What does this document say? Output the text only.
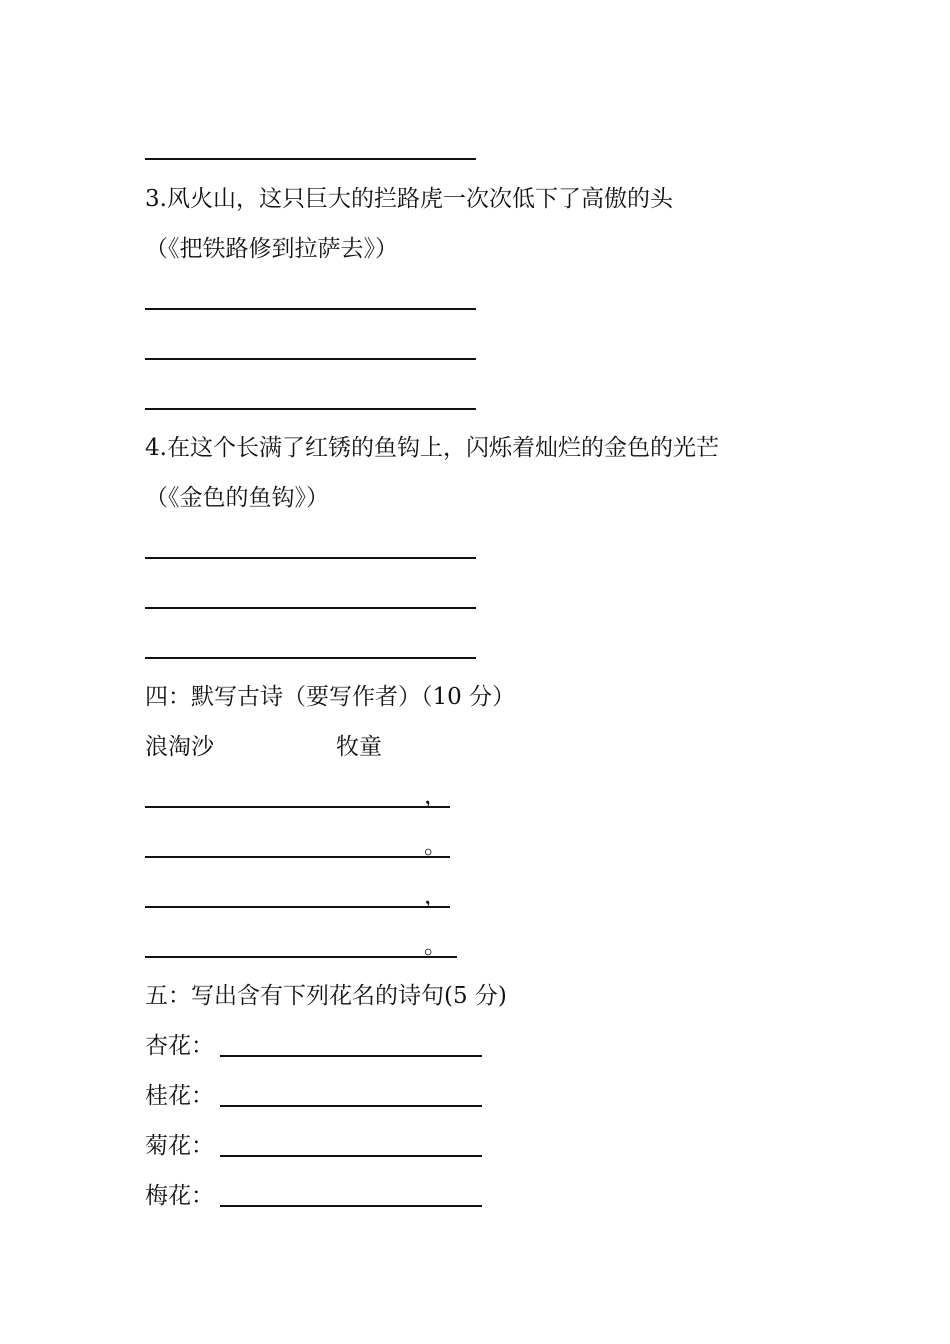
3.风火山，这只巨大的拦路虎一次次低下了高傲的头
（《把铁路修到拉萨去》）
4.在这个长满了红锈的鱼钩上，闪烁着灿烂的金色的光芒
（《金色的鱼钩》）
四：默写古诗（要写作者）（10 分）
浪淘沙	牧童
，
。
，
。
五：写出含有下列花名的诗句(5 分)
杏花：
桂花：
菊花：
梅花：
